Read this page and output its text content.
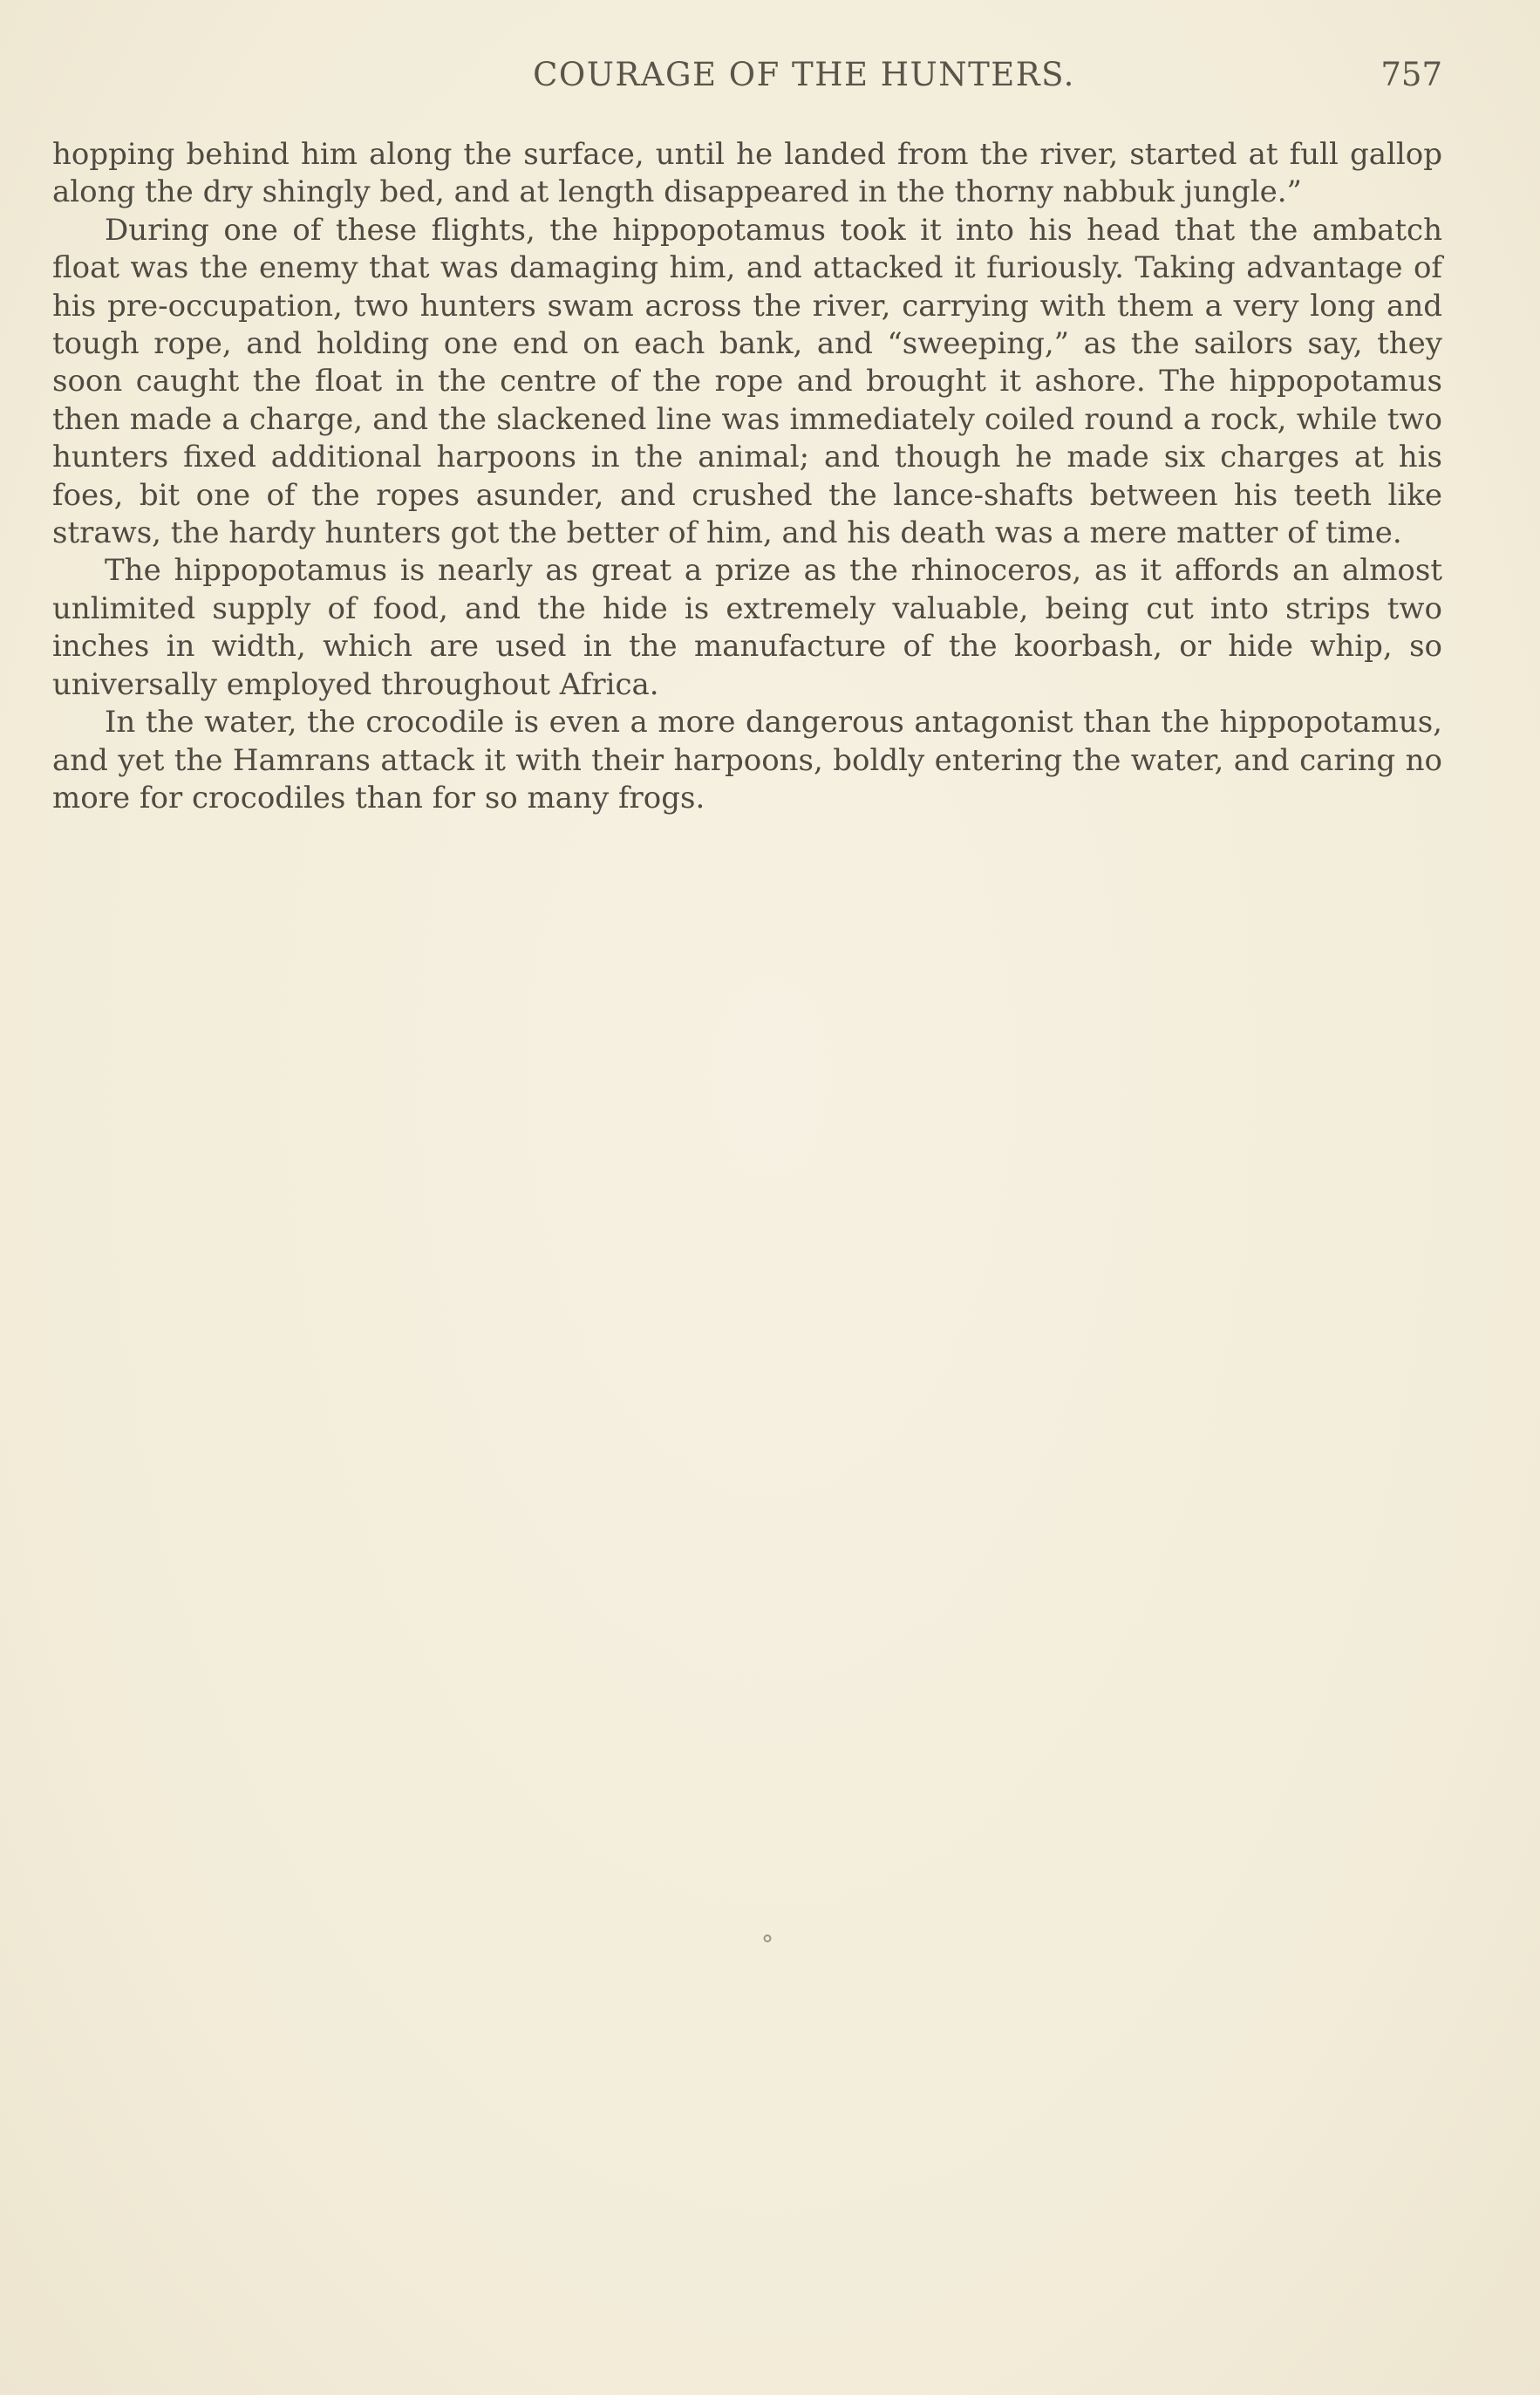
COURAGE OF THE HUNTERS.	757

hopping behind him along the surface, until he landed from the river, started at full gallop along the dry shingly bed, and at length disappeared in the thorny nabbuk jungle.”

During one of these flights, the hippopotamus took it into his head that the ambatch float was the enemy that was damaging him, and attacked it furiously. Taking advantage of his pre-occupation, two hunters swam across the river, carrying with them a very long and tough rope, and holding one end on each bank, and “sweeping,” as the sailors say, they soon caught the float in the centre of the rope and brought it ashore. The hippopotamus then made a charge, and the slackened line was immediately coiled round a rock, while two hunters fixed additional harpoons in the animal; and though he made six charges at his foes, bit one of the ropes asunder, and crushed the lance-shafts between his teeth like straws, the hardy hunters got the better of him, and his death was a mere matter of time.

The hippopotamus is nearly as great a prize as the rhinoceros, as it affords an almost unlimited supply of food, and the hide is extremely valuable, being cut into strips two inches in width, which are used in the manufacture of the koorbash, or hide whip, so universally employed throughout Africa.

In the water, the crocodile is even a more dangerous antagonist than the hippopotamus, and yet the Hamrans attack it with their harpoons, boldly entering the water, and caring no more for crocodiles than for so many frogs.

⚬
